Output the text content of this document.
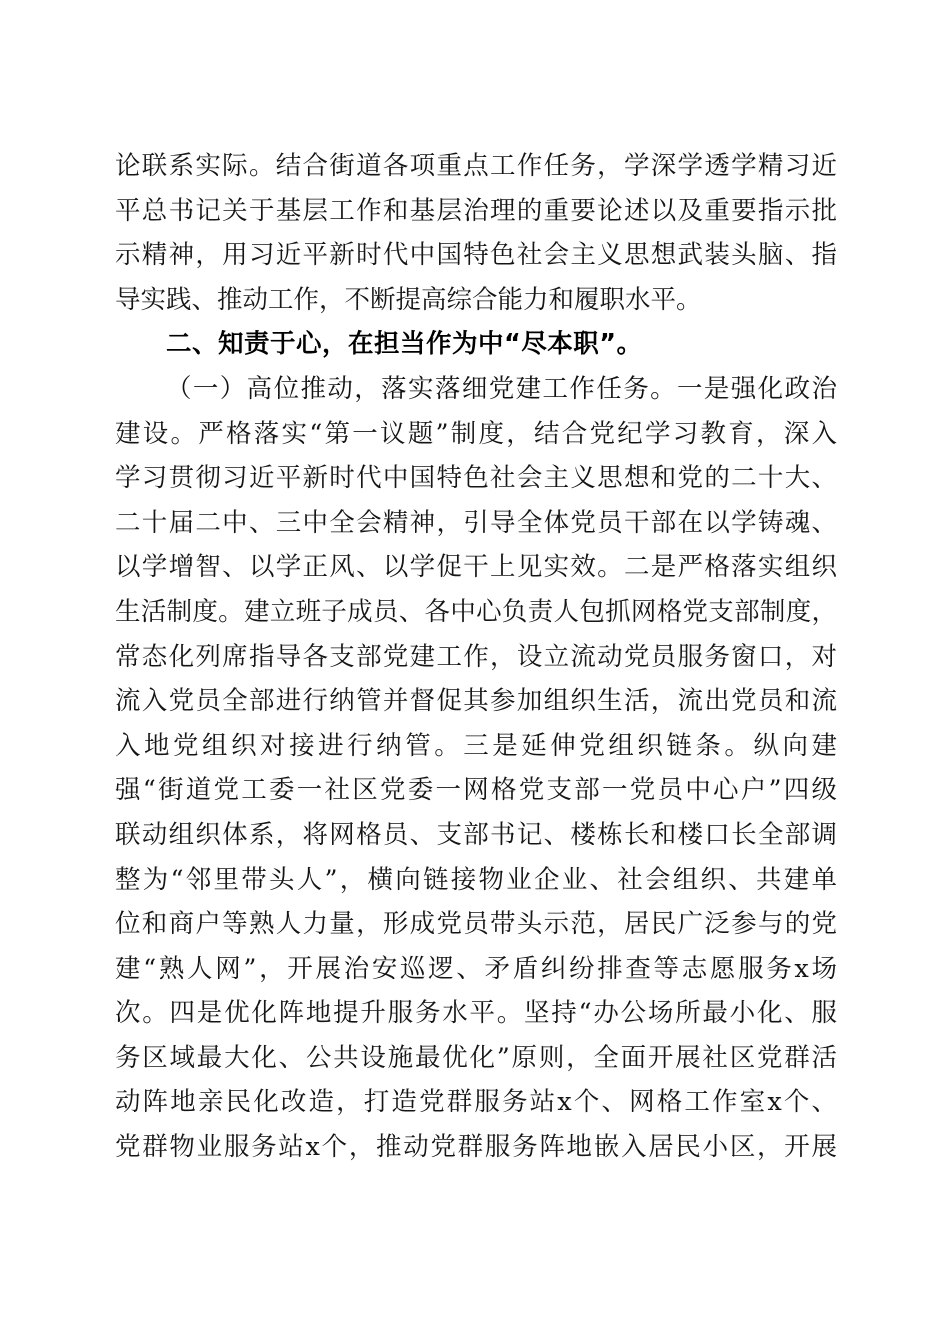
论联系实际。结合街道各项重点工作任务，学深学透学精习近
平总书记关于基层工作和基层治理的重要论述以及重要指示批
示精神，用习近平新时代中国特色社会主义思想武装头脑、指
导实践、推动工作，不断提高综合能力和履职水平。
二、知责于心，在担当作为中“尽本职”。
（一）高位推动，落实落细党建工作任务。一是强化政治
建设。严格落实“第一议题”制度，结合党纪学习教育，深入
学习贯彻习近平新时代中国特色社会主义思想和党的二十大、
二十届二中、三中全会精神，引导全体党员干部在以学铸魂、
以学增智、以学正风、以学促干上见实效。二是严格落实组织
生活制度。建立班子成员、各中心负责人包抓网格党支部制度，
常态化列席指导各支部党建工作，设立流动党员服务窗口，对
流入党员全部进行纳管并督促其参加组织生活，流出党员和流
入地党组织对接进行纳管。三是延伸党组织链条。纵向建
强“街道党工委一社区党委一网格党支部一党员中心户”四级
联动组织体系，将网格员、支部书记、楼栋长和楼口长全部调
整为“邻里带头人”，横向链接物业企业、社会组织、共建单
位和商户等熟人力量，形成党员带头示范，居民广泛参与的党
建“熟人网”，开展治安巡逻、矛盾纠纷排查等志愿服务x场
次。四是优化阵地提升服务水平。坚持“办公场所最小化、服
务区域最大化、公共设施最优化”原则，全面开展社区党群活
动阵地亲民化改造，打造党群服务站x个、网格工作室x个、
党群物业服务站x个，推动党群服务阵地嵌入居民小区，开展
